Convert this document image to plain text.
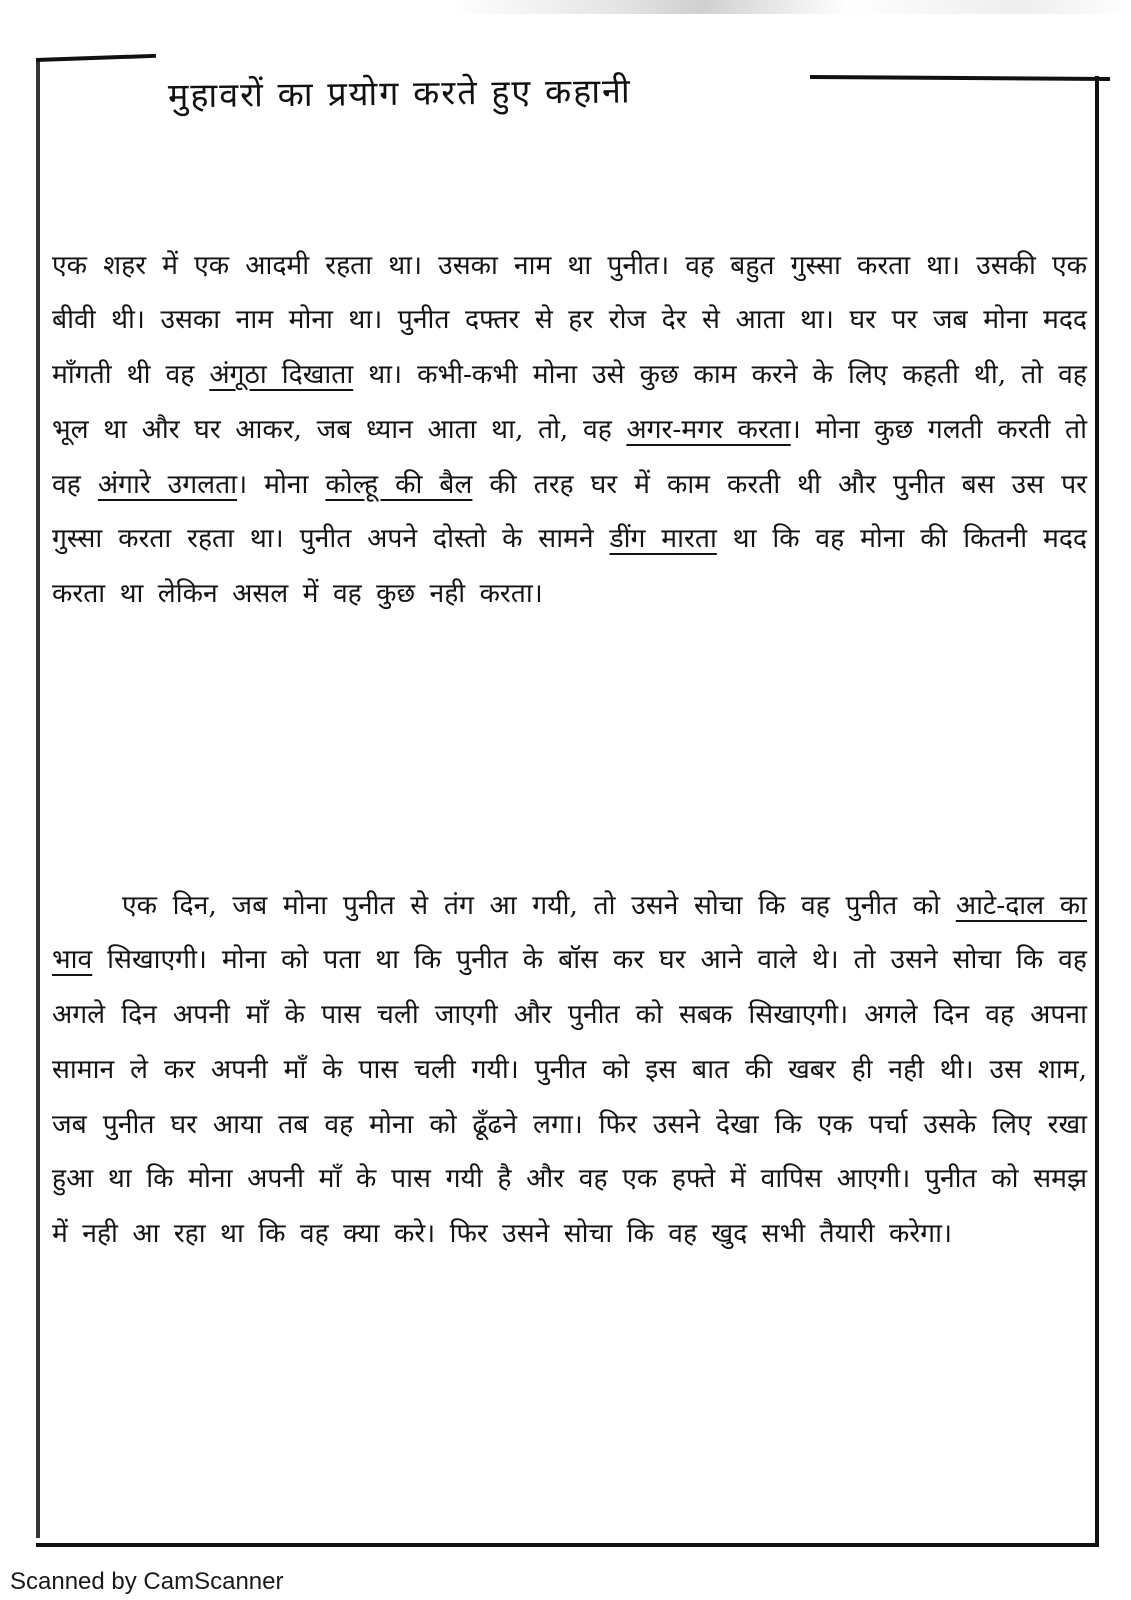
मुहावरों का प्रयोग करते हुए कहानी

एक शहर में एक आदमी रहता था। उसका नाम था पुनीत। वह बहुत गुस्सा करता था। उसकी एक बीवी थी। उसका नाम मोना था। पुनीत दफ्तर से हर रोज देर से आता था। घर पर जब मोना मदद माँगती थी वह अंगूठा दिखाता था। कभी-कभी मोना उसे कुछ काम करने के लिए कहती थी, तो वह भूल था और घर आकर, जब ध्यान आता था, तो, वह अगर-मगर करता। मोना कुछ गलती करती तो वह अंगारे उगलता। मोना कोल्हू की बैल की तरह घर में काम करती थी और पुनीत बस उस पर गुस्सा करता रहता था। पुनीत अपने दोस्तो के सामने डींग मारता था कि वह मोना की कितनी मदद करता था लेकिन असल में वह कुछ नही करता।

एक दिन, जब मोना पुनीत से तंग आ गयी, तो उसने सोचा कि वह पुनीत को आटे-दाल का भाव सिखाएगी। मोना को पता था कि पुनीत के बॉस कर घर आने वाले थे। तो उसने सोचा कि वह अगले दिन अपनी माँ के पास चली जाएगी और पुनीत को सबक सिखाएगी। अगले दिन वह अपना सामान ले कर अपनी माँ के पास चली गयी। पुनीत को इस बात की खबर ही नही थी। उस शाम, जब पुनीत घर आया तब वह मोना को ढूँढने लगा। फिर उसने देखा कि एक पर्चा उसके लिए रखा हुआ था कि मोना अपनी माँ के पास गयी है और वह एक हफ्ते में वापिस आएगी। पुनीत को समझ में नही आ रहा था कि वह क्या करे। फिर उसने सोचा कि वह खुद सभी तैयारी करेगा।

Scanned by CamScanner
